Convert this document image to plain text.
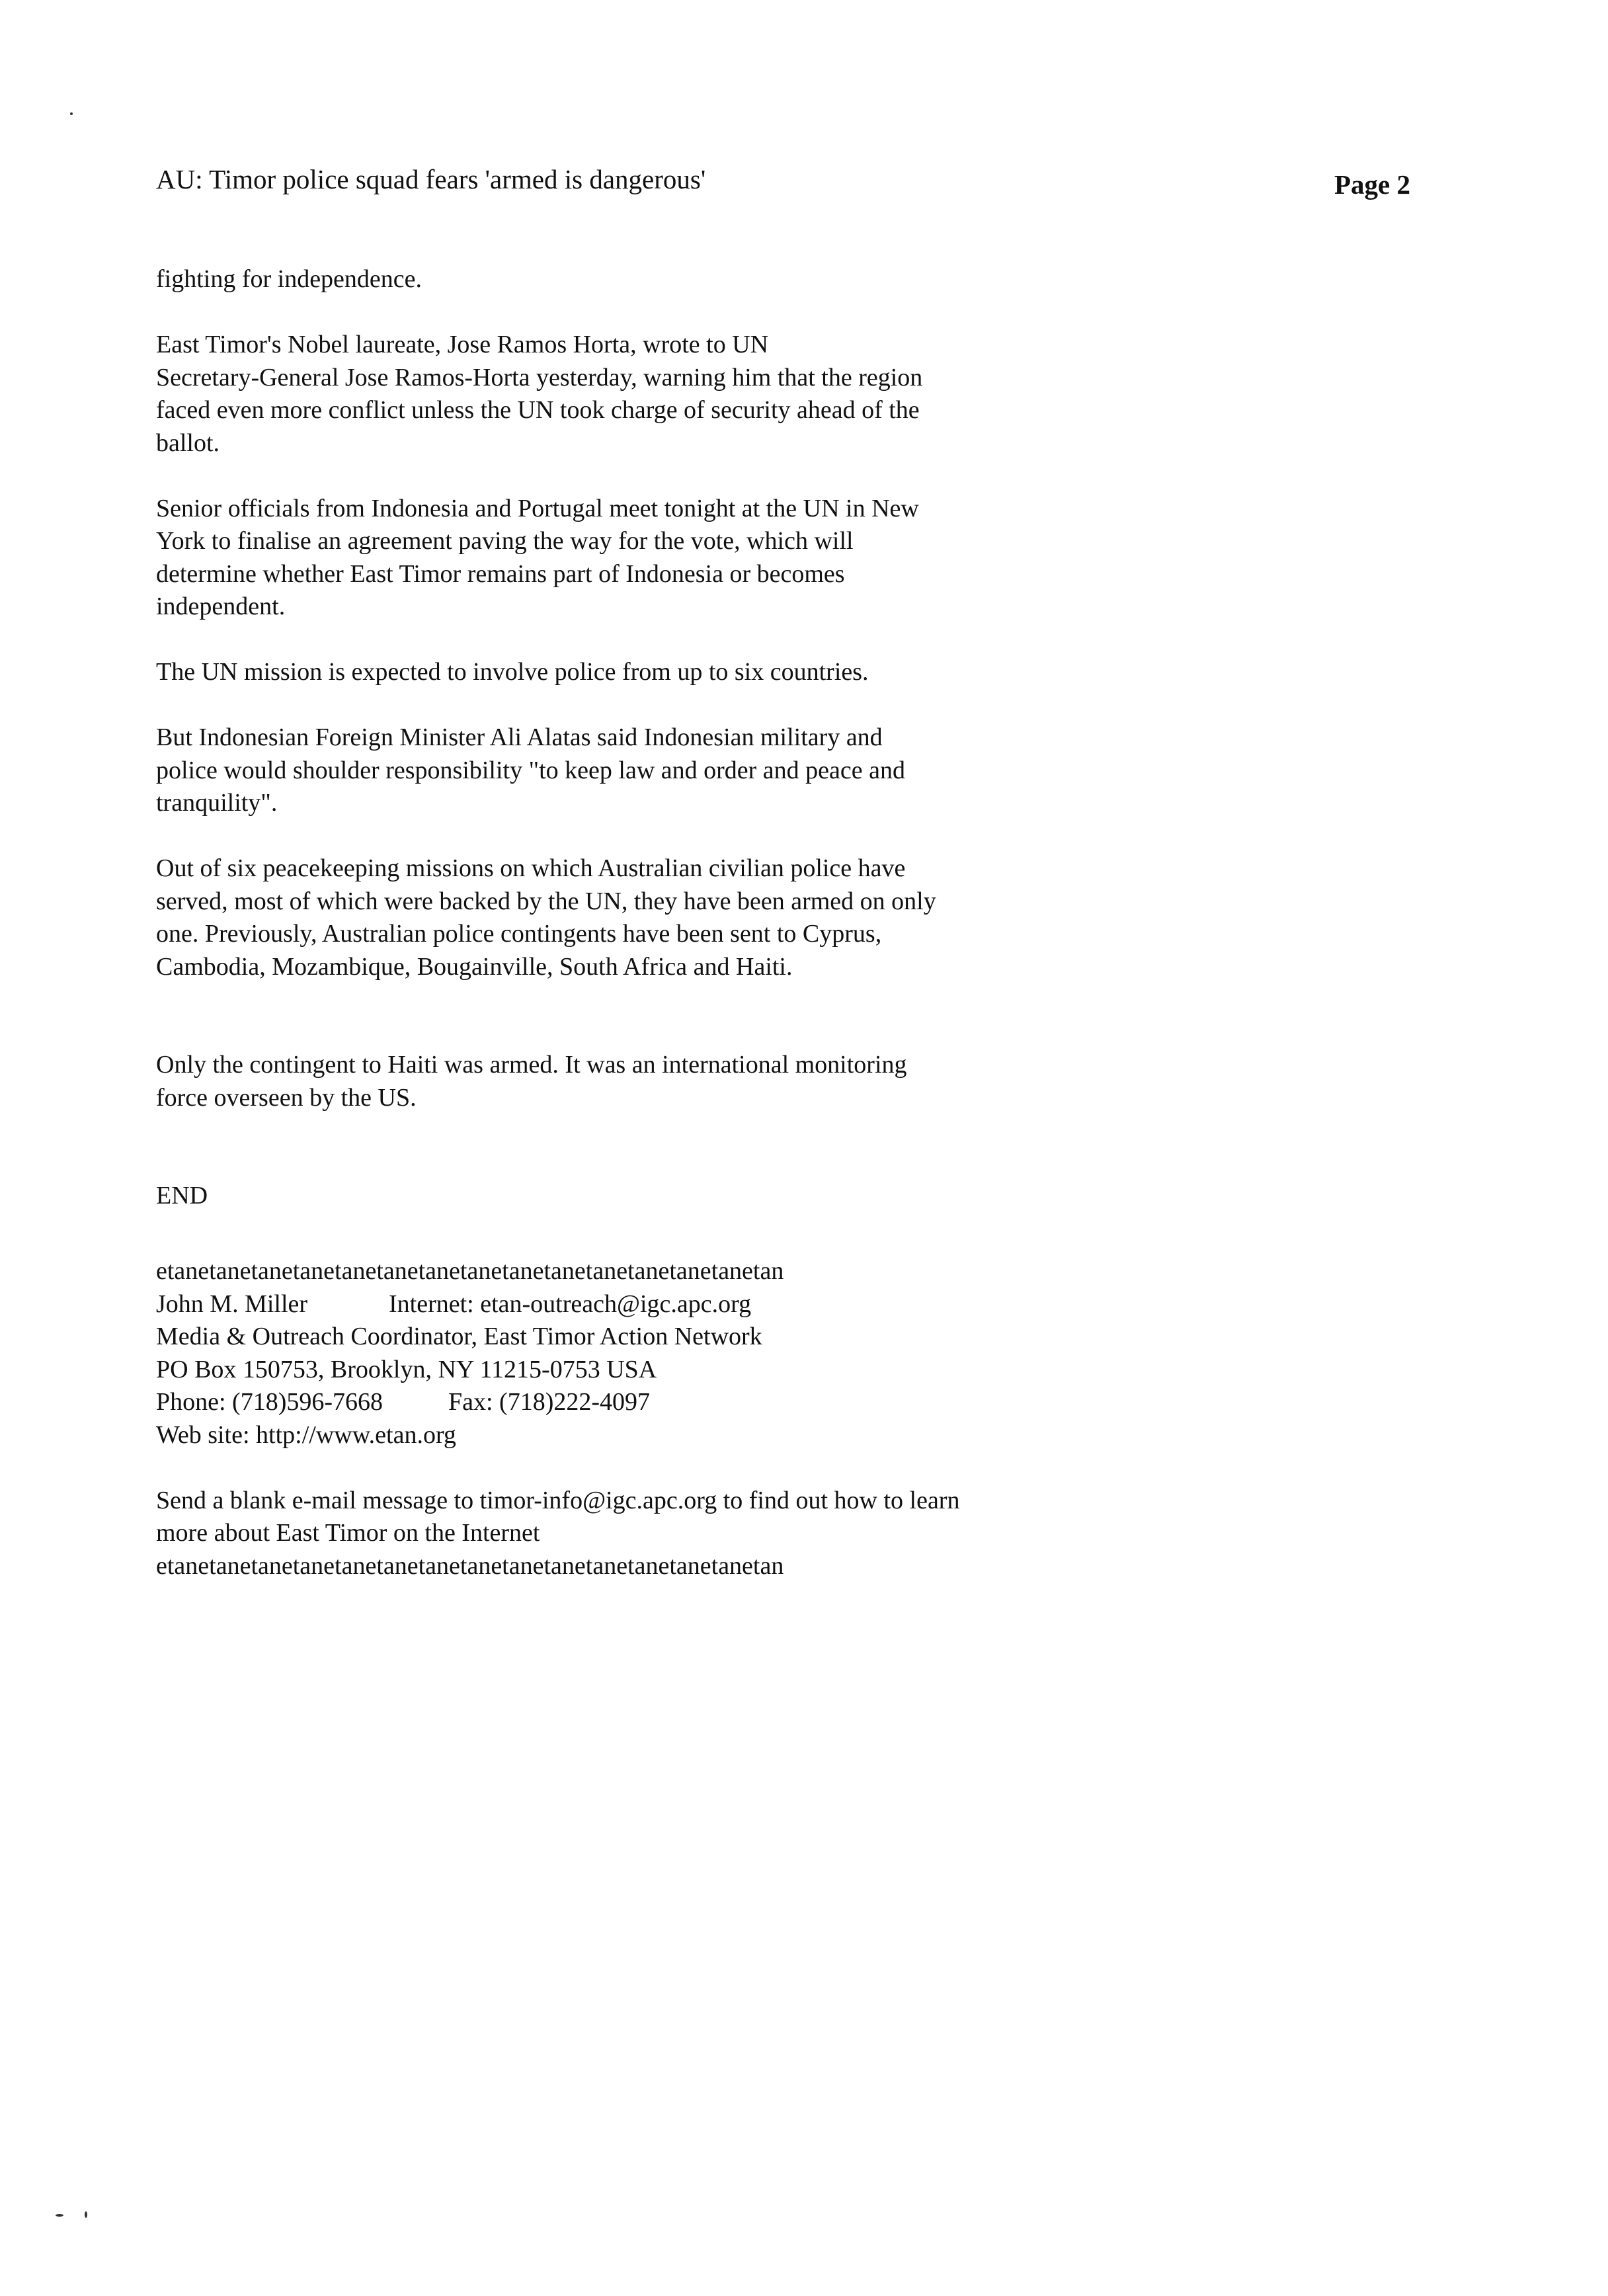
AU: Timor police squad fears 'armed is dangerous'	Page 2

fighting for independence.

East Timor's Nobel laureate, Jose Ramos Horta, wrote to UN
Secretary-General Jose Ramos-Horta yesterday, warning him that the region
faced even more conflict unless the UN took charge of security ahead of the
ballot.

Senior officials from Indonesia and Portugal meet tonight at the UN in New
York to finalise an agreement paving the way for the vote, which will
determine whether East Timor remains part of Indonesia or becomes
independent.

The UN mission is expected to involve police from up to six countries.

But Indonesian Foreign Minister Ali Alatas said Indonesian military and
police would shoulder responsibility "to keep law and order and peace and
tranquility".

Out of six peacekeeping missions on which Australian civilian police have
served, most of which were backed by the UN, they have been armed on only
one. Previously, Australian police contingents have been sent to Cyprus,
Cambodia, Mozambique, Bougainville, South Africa and Haiti.

Only the contingent to Haiti was armed. It was an international monitoring
force overseen by the US.

END

etanetanetanetanetanetanetanetanetanetanetanetanetanetanetan
John M. Miller	Internet: etan-outreach@igc.apc.org
Media & Outreach Coordinator, East Timor Action Network
PO Box 150753, Brooklyn, NY 11215-0753 USA
Phone: (718)596-7668	Fax: (718)222-4097
Web site: http://www.etan.org
Send a blank e-mail message to timor-info@igc.apc.org to find out how to learn
more about East Timor on the Internet
etanetanetanetanetanetanetanetanetanetanetanetanetanetanetan
